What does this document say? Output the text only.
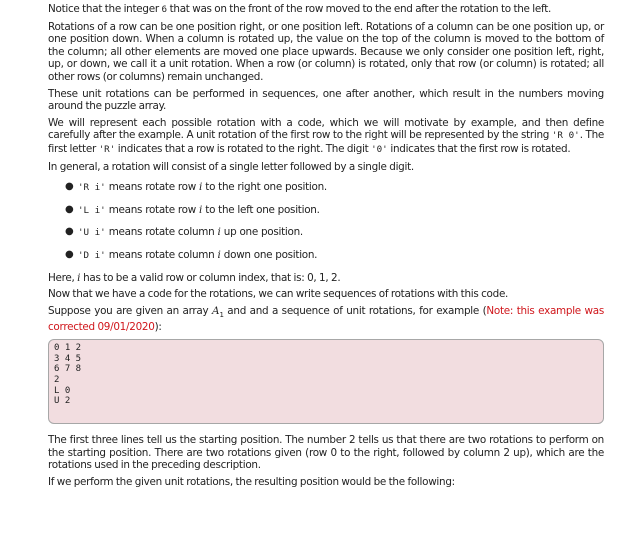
Notice that the integer 6 that was on the front of the row moved to the end after the rotation to the left.

Rotations of a row can be one position right, or one position left. Rotations of a column can be one position up, or one position down. When a column is rotated up, the value on the top of the column is moved to the bottom of the column; all other elements are moved one place upwards. Because we only consider one position left, right, up, or down, we call it a unit rotation. When a row (or column) is rotated, only that row (or column) is rotated; all other rows (or columns) remain unchanged.

These unit rotations can be performed in sequences, one after another, which result in the numbers moving around the puzzle array.

We will represent each possible rotation with a code, which we will motivate by example, and then define carefully after the example. A unit rotation of the first row to the right will be represented by the string 'R 0'. The first letter 'R' indicates that a row is rotated to the right. The digit '0' indicates that the first row is rotated.

In general, a rotation will consist of a single letter followed by a single digit.

● 'R i' means rotate row i to the right one position.
● 'L i' means rotate row i to the left one position.
● 'U i' means rotate column i up one position.
● 'D i' means rotate column i down one position.

Here, i has to be a valid row or column index, that is: 0, 1, 2.

Now that we have a code for the rotations, we can write sequences of rotations with this code.

Suppose you are given an array $A_1$ and and a sequence of unit rotations, for example (Note: this example was corrected 09/01/2020):

0 1 2
3 4 5
6 7 8
2
L 0
U 2

The first three lines tell us the starting position. The number 2 tells us that there are two rotations to perform on the starting position. There are two rotations given (row 0 to the right, followed by column 2 up), which are the rotations used in the preceding description.

If we perform the given unit rotations, the resulting position would be the following:
